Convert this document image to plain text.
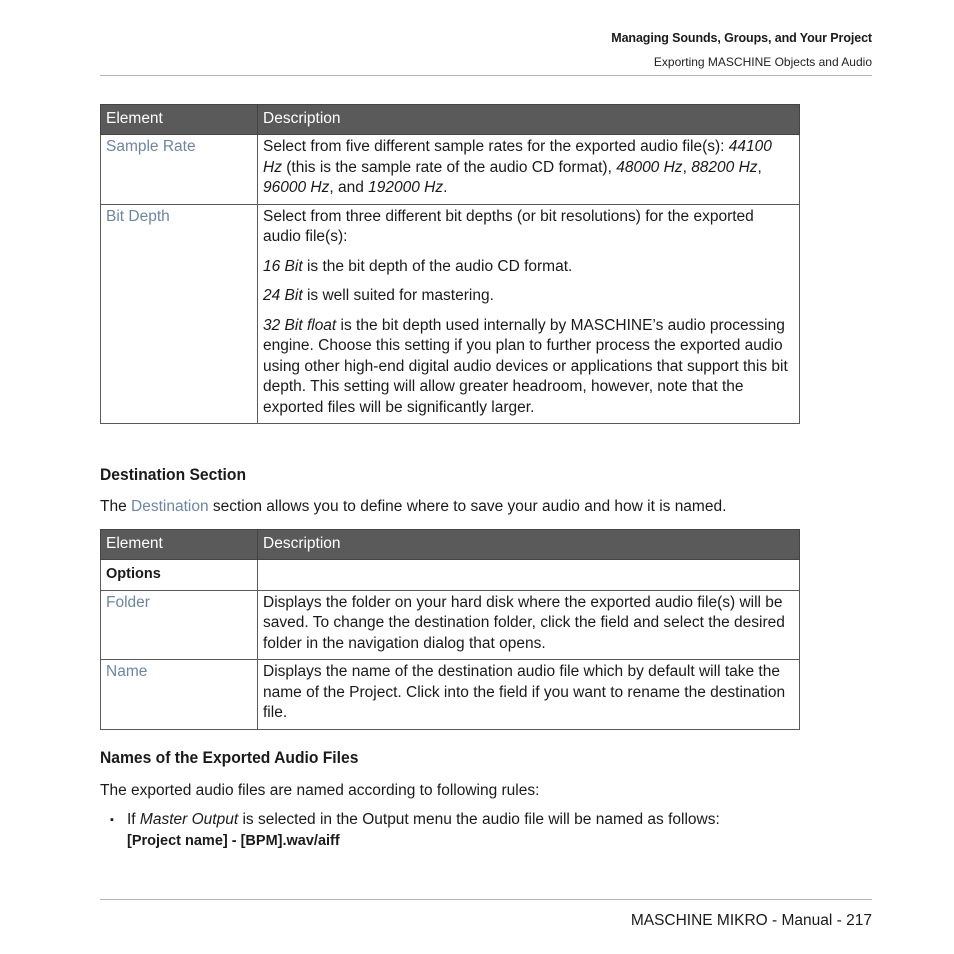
Managing Sounds, Groups, and Your Project
Exporting MASCHINE Objects and Audio
Element	Description
Sample Rate	Select from five different sample rates for the exported audio file(s): 44100 Hz (this is the sample rate of the audio CD format), 48000 Hz, 88200 Hz, 96000 Hz, and 192000 Hz.

Bit Depth	Select from three different bit depths (or bit resolutions) for the exported audio file(s):

16 Bit is the bit depth of the audio CD format.

24 Bit is well suited for mastering.

32 Bit float is the bit depth used internally by MASCHINE’s audio processing engine. Choose this setting if you plan to further process the exported audio using other high-end digital audio devices or applications that support this bit depth. This setting will allow greater headroom, however, note that the exported files will be significantly larger.

Destination Section

The Destination section allows you to define where to save your audio and how it is named.

Element	Description
Options	
Folder	Displays the folder on your hard disk where the exported audio file(s) will be saved. To change the destination folder, click the field and select the desired folder in the navigation dialog that opens.
Name	Displays the name of the destination audio file which by default will take the name of the Project. Click into the field if you want to rename the destination file.
Names of the Exported Audio Files

The exported audio files are named according to following rules:

▪ If Master Output is selected in the Output menu the audio file will be named as follows:
[Project name] - [BPM].wav/aiff
MASCHINE MIKRO - Manual - 217
